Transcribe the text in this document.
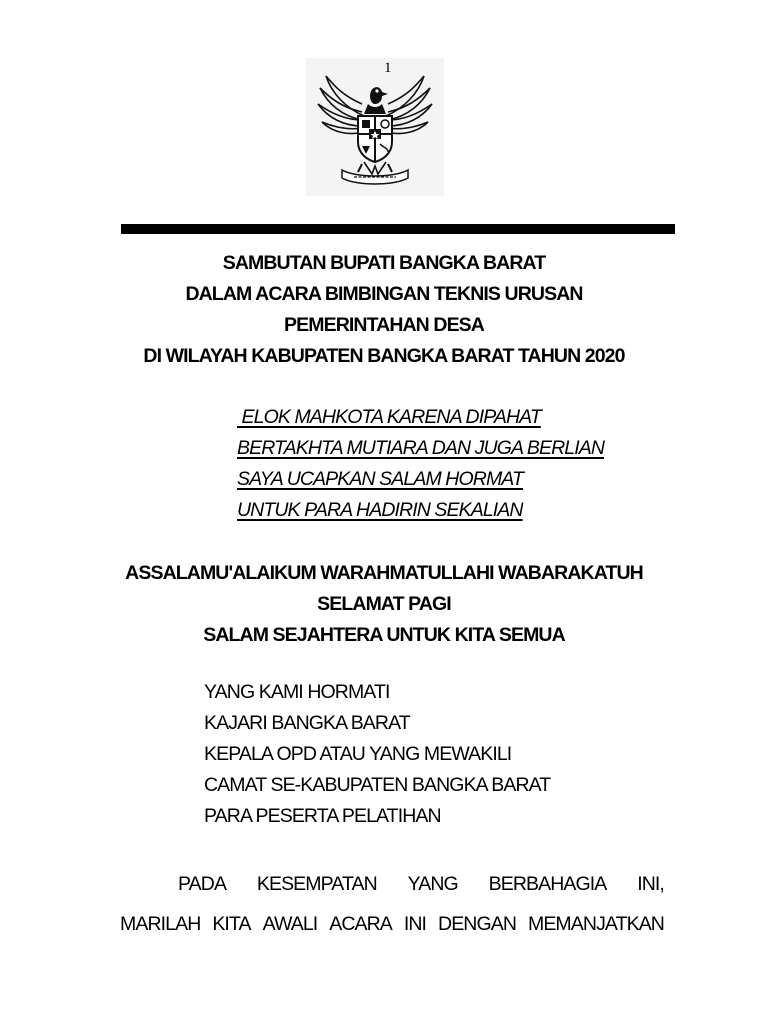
1
SAMBUTAN BUPATI BANGKA BARAT
DALAM ACARA BIMBINGAN TEKNIS URUSAN
PEMERINTAHAN DESA
DI WILAYAH KABUPATEN BANGKA BARAT TAHUN 2020
ELOK MAHKOTA KARENA DIPAHAT
BERTAKHTA MUTIARA DAN JUGA BERLIAN
SAYA UCAPKAN SALAM HORMAT
UNTUK PARA HADIRIN SEKALIAN
ASSALAMU'ALAIKUM WARAHMATULLAHI WABARAKATUH
SELAMAT PAGI
SALAM SEJAHTERA UNTUK KITA SEMUA
YANG KAMI HORMATI
KAJARI BANGKA BARAT
KEPALA OPD ATAU YANG MEWAKILI
CAMAT SE-KABUPATEN BANGKA BARAT
PARA PESERTA PELATIHAN
PADA KESEMPATAN YANG BERBAHAGIA INI,
MARILAH KITA AWALI ACARA INI DENGAN MEMANJATKAN
